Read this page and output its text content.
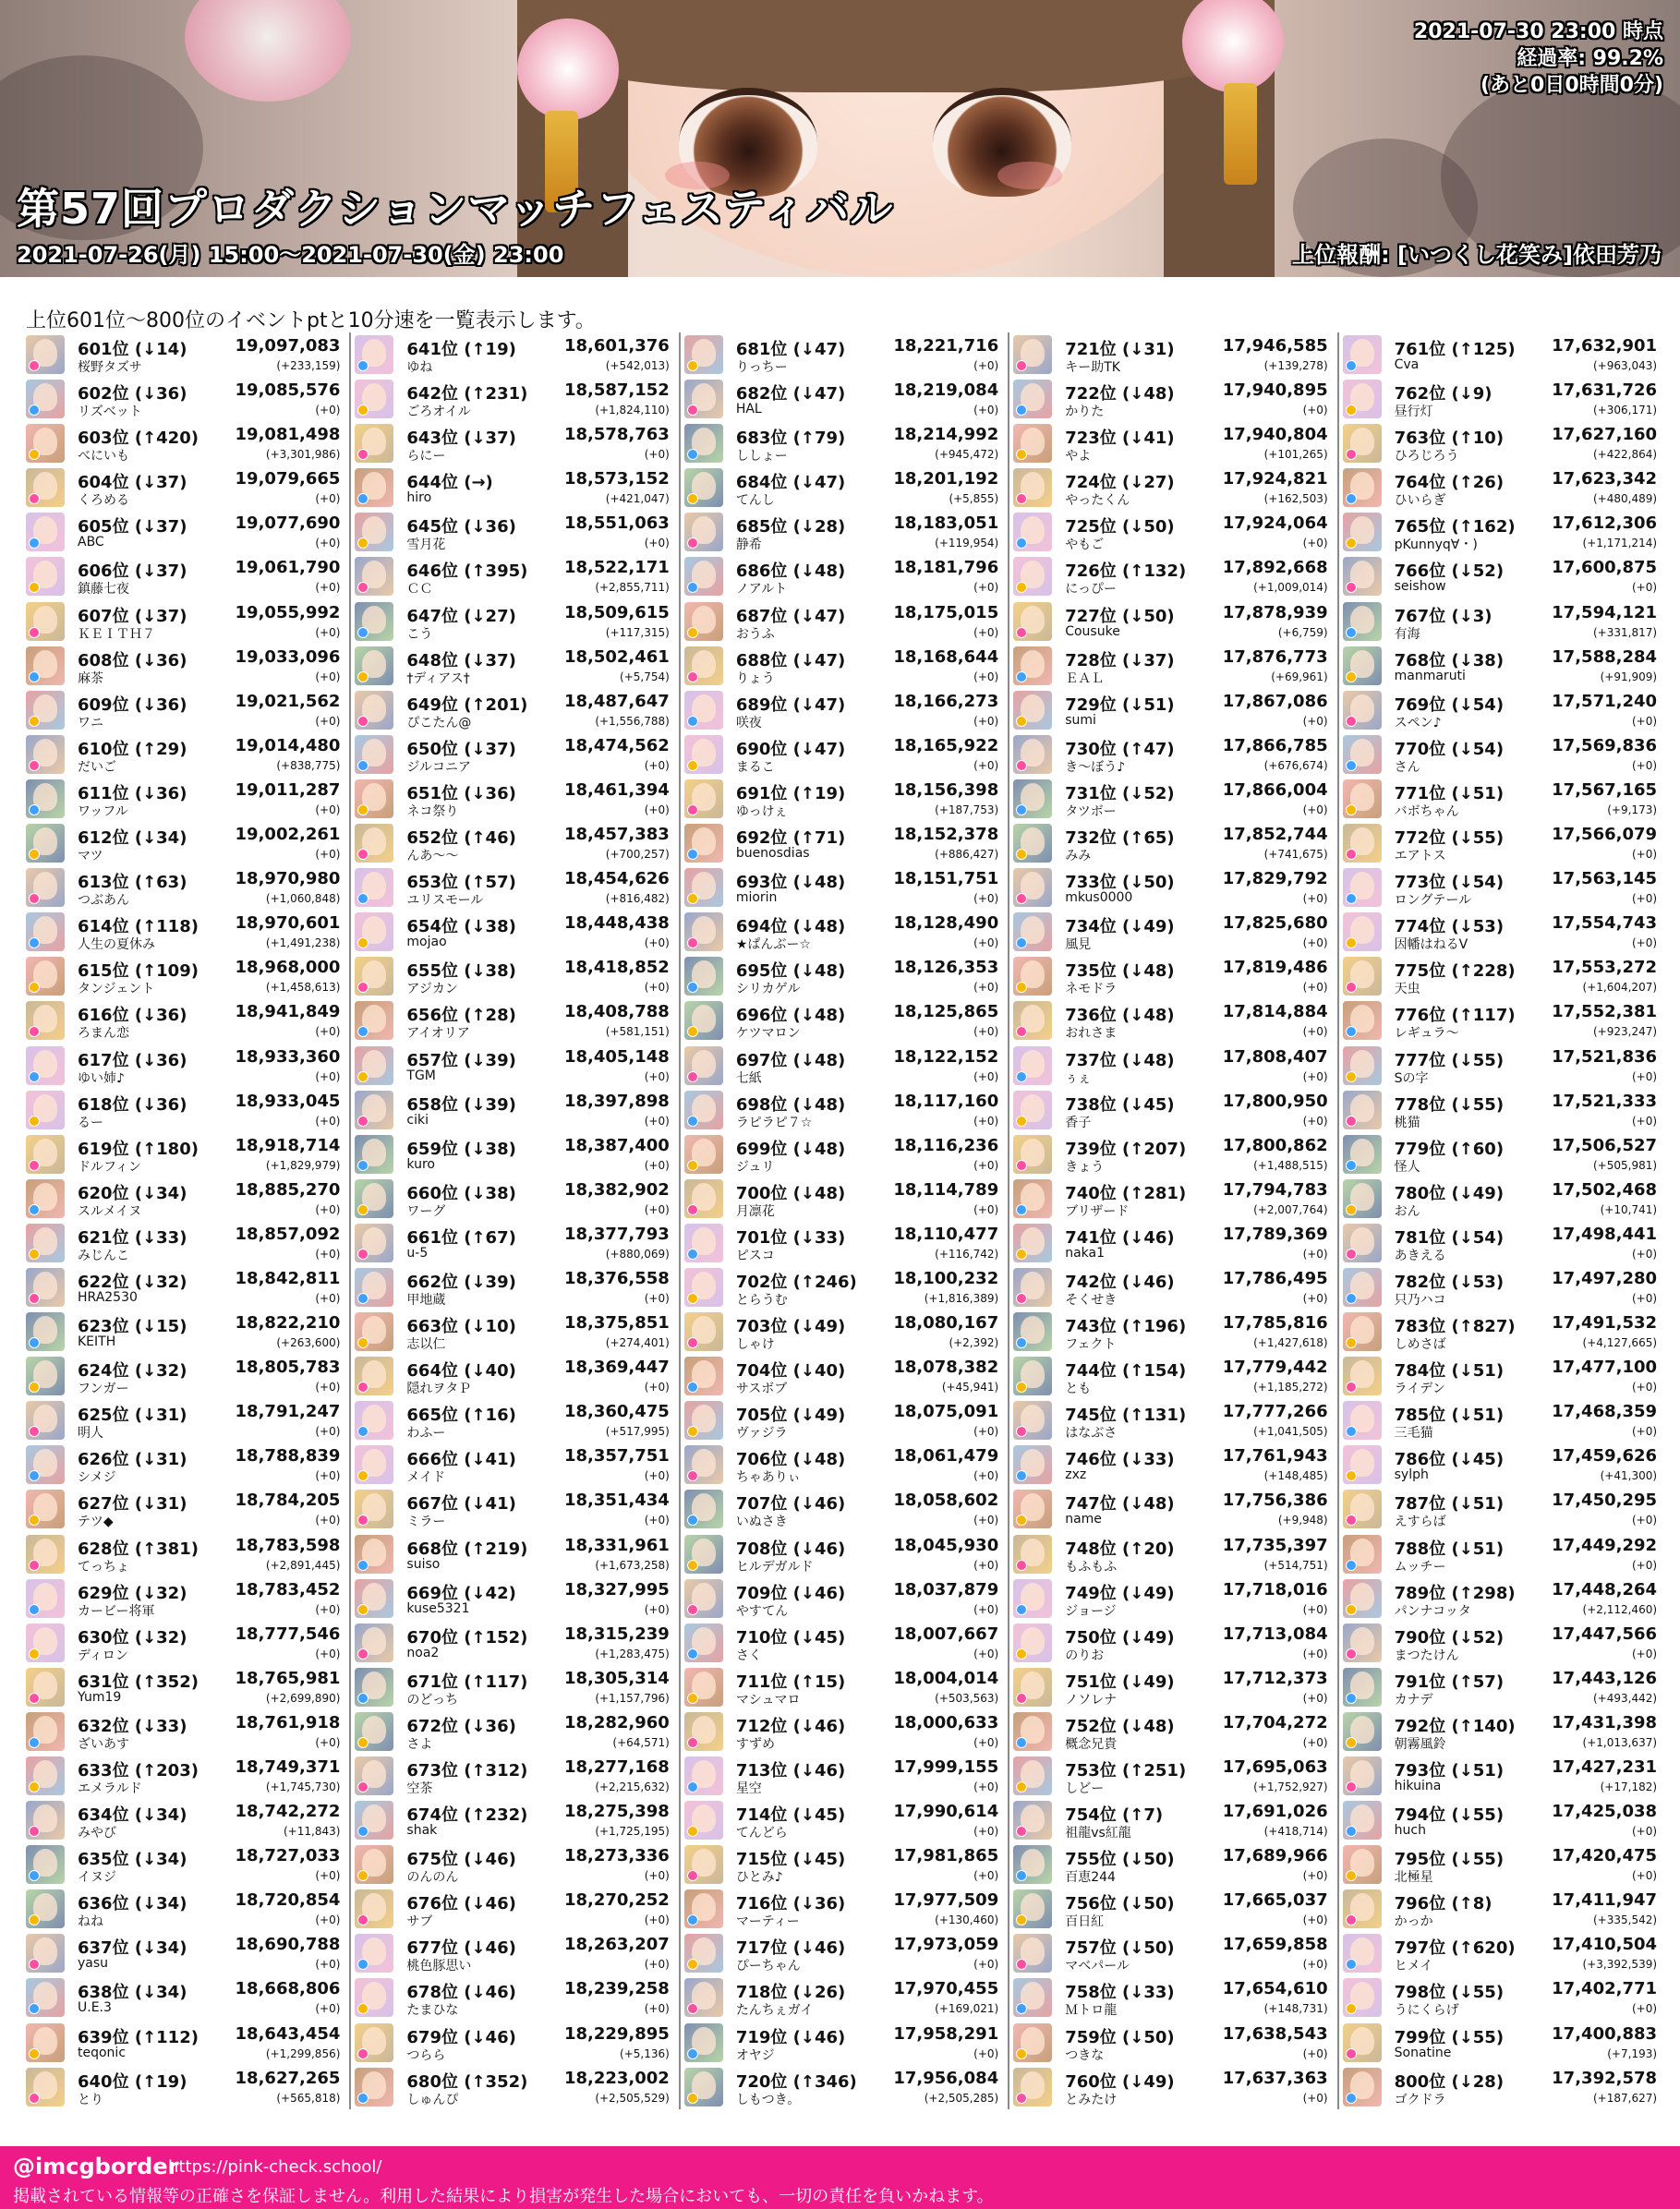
2021-07-30 23:00 時点
経過率: 99.2%
(あと0日0時間0分)
第57回プロダクションマッチフェスティバル
2021-07-26(月) 15:00〜2021-07-30(金) 23:00	上位報酬: [いつくし花笑み]依田芳乃
上位601位〜800位のイベントptと10分速を一覧表示します。
601位 (↓14)	19,097,083
桜野タズサ	(+233,159)
602位 (↓36)	19,085,576
リズベット	(+0)
603位 (↑420) 19,081,498
べにいも	(+3,301,986)
604位 (↓37)	19,079,665
くろめる	(+0)
605位 (↓37)	19,077,690
ABC	(+0)
606位 (↓37)	19,061,790
鎮藤七夜	(+0)
607位 (↓37)	19,055,992
ＫＥＩＴＨ７	(+0)
608位 (↓36)	19,033,096
麻茶	(+0)
609位 (↓36)	19,021,562
ワニ	(+0)
610位 (↑29)	19,014,480
だいご	(+838,775)
611位 (↓36)	19,011,287
ワッフル	(+0)
612位 (↓34)	19,002,261
マツ	(+0)
613位 (↑63)	18,970,980
つぶあん	(+1,060,848)
614位 (↑118) 18,970,601
人生の夏休み	(+1,491,238)
615位 (↑109) 18,968,000
タンジェント	(+1,458,613)
616位 (↓36)	18,941,849
ろまん恋	(+0)
617位 (↓36)	18,933,360
ゆい姉♪	(+0)
618位 (↓36)	18,933,045
るー	(+0)
619位 (↑180) 18,918,714
ドルフィン	(+1,829,979)
620位 (↓34)	18,885,270
スルメイヌ	(+0)
621位 (↓33)	18,857,092
みじんこ	(+0)
622位 (↓32)	18,842,811
HRA2530	(+0)
623位 (↓15)	18,822,210
KEITH	(+263,600)
624位 (↓32)	18,805,783
フンガー	(+0)
625位 (↓31)	18,791,247
明人	(+0)
626位 (↓31)	18,788,839
シメジ	(+0)
627位 (↓31)	18,784,205
テツ◆	(+0)
628位 (↑381) 18,783,598
てっちょ	(+2,891,445)
629位 (↓32)	18,783,452
カービー将軍	(+0)
630位 (↓32)	18,777,546
ディロン	(+0)
631位 (↑352) 18,765,981
Yum19	(+2,699,890)
632位 (↓33)	18,761,918
ざいあす	(+0)
633位 (↑203) 18,749,371
エメラルド	(+1,745,730)
634位 (↓34)	18,742,272
みやび	(+11,843)
635位 (↓34)	18,727,033
イヌジ	(+0)
636位 (↓34)	18,720,854
ねね	(+0)
637位 (↓34)	18,690,788
yasu	(+0)
638位 (↓34)	18,668,806
U.E.3	(+0)
639位 (↑112) 18,643,454
teqonic	(+1,299,856)
640位 (↑19)	18,627,265
とり	(+565,818)
641位 (↑19)	18,601,376
ゆね	(+542,013)
642位 (↑231) 18,587,152
ごろオイル	(+1,824,110)
643位 (↓37)	18,578,763
らにー	(+0)
644位 (→)	18,573,152
hiro	(+421,047)
645位 (↓36)	18,551,063
雪月花	(+0)
646位 (↑395) 18,522,171
ＣＣ	(+2,855,711)
647位 (↓27)	18,509,615
こう	(+117,315)
648位 (↓37)	18,502,461
†ディアス†	(+5,754)
649位 (↑201) 18,487,647
ぴこたん@	(+1,556,788)
650位 (↓37)	18,474,562
ジルコニア	(+0)
651位 (↓36)	18,461,394
ネコ祭り	(+0)
652位 (↑46)	18,457,383
んあ〜〜	(+700,257)
653位 (↑57)	18,454,626
ユリスモール	(+816,482)
654位 (↓38)	18,448,438
mojao	(+0)
655位 (↓38)	18,418,852
アジカン	(+0)
656位 (↑28)	18,408,788
アイオリア	(+581,151)
657位 (↓39)	18,405,148
TGM	(+0)
658位 (↓39)	18,397,898
ciki	(+0)
659位 (↓38)	18,387,400
kuro	(+0)
660位 (↓38)	18,382,902
ワーグ	(+0)
661位 (↑67)	18,377,793
u-5	(+880,069)
662位 (↓39)	18,376,558
甲地蔵	(+0)
663位 (↓10)	18,375,851
志以仁	(+274,401)
664位 (↓40)	18,369,447
隠れヲタＰ	(+0)
665位 (↑16)	18,360,475
わふー	(+517,995)
666位 (↓41)	18,357,751
メイド	(+0)
667位 (↓41)	18,351,434
ミラー	(+0)
668位 (↑219) 18,331,961
suiso	(+1,673,258)
669位 (↓42)	18,327,995
kuse5321	(+0)
670位 (↑152) 18,315,239
noa2	(+1,283,475)
671位 (↑117) 18,305,314
のどっち	(+1,157,796)
672位 (↓36)	18,282,960
さよ	(+64,571)
673位 (↑312) 18,277,168
空茶	(+2,215,632)
674位 (↑232) 18,275,398
shak	(+1,725,195)
675位 (↓46)	18,273,336
のんのん	(+0)
676位 (↓46)	18,270,252
サブ	(+0)
677位 (↓46)	18,263,207
桃色豚思い	(+0)
678位 (↓46)	18,239,258
たまひな	(+0)
679位 (↓46)	18,229,895
つらら	(+5,136)
680位 (↑352) 18,223,002
しゅんぴ	(+2,505,529)
681位 (↓47)	18,221,716
りっちー	(+0)
682位 (↓47)	18,219,084
HAL	(+0)
683位 (↑79)	18,214,992
ししょー	(+945,472)
684位 (↓47)	18,201,192
てんし	(+5,855)
685位 (↓28)	18,183,051
静希	(+119,954)
686位 (↓48)	18,181,796
ノアルト	(+0)
687位 (↓47)	18,175,015
おうふ	(+0)
688位 (↓47)	18,168,644
りょう	(+0)
689位 (↓47)	18,166,273
咲夜	(+0)
690位 (↓47)	18,165,922
まるこ	(+0)
691位 (↑19)	18,156,398
ゆっけぇ	(+187,753)
692位 (↑71)	18,152,378
buenosdias	(+886,427)
693位 (↓48)	18,151,751
miorin	(+0)
694位 (↓48)	18,128,490
★ぱんぶー☆	(+0)
695位 (↓48)	18,126,353
シリカゲル	(+0)
696位 (↓48)	18,125,865
ケツマロン	(+0)
697位 (↓48)	18,122,152
七紙	(+0)
698位 (↓48)	18,117,160
ラピラピ７☆	(+0)
699位 (↓48)	18,116,236
ジュリ	(+0)
700位 (↓48)	18,114,789
月凛花	(+0)
701位 (↓33)	18,110,477
ピスコ	(+116,742)
702位 (↑246) 18,100,232
とらうむ	(+1,816,389)
703位 (↓49)	18,080,167
しゃけ	(+2,392)
704位 (↓40)	18,078,382
サスボブ	(+45,941)
705位 (↓49)	18,075,091
ヴァジラ	(+0)
706位 (↓48)	18,061,479
ちゃありぃ	(+0)
707位 (↓46)	18,058,602
いぬさき	(+0)
708位 (↓46)	18,045,930
ヒルデガルド	(+0)
709位 (↓46)	18,037,879
やすてん	(+0)
710位 (↓45)	18,007,667
さく	(+0)
711位 (↑15)	18,004,014
マシュマロ	(+503,563)
712位 (↓46)	18,000,633
すずめ	(+0)
713位 (↓46)	17,999,155
星空	(+0)
714位 (↓45)	17,990,614
てんどら	(+0)
715位 (↓45)	17,981,865
ひとみ♪	(+0)
716位 (↓36)	17,977,509
マーティー	(+130,460)
717位 (↓46)	17,973,059
ぴーちゃん	(+0)
718位 (↓26)	17,970,455
たんちぇガイ	(+169,021)
719位 (↓46)	17,958,291
オヤジ	(+0)
720位 (↑346) 17,956,084
しもつき。	(+2,505,285)
721位 (↓31)	17,946,585
キー助TK	(+139,278)
722位 (↓48)	17,940,895
かりた	(+0)
723位 (↓41)	17,940,804
やよ	(+101,265)
724位 (↓27)	17,924,821
やったくん	(+162,503)
725位 (↓50)	17,924,064
やもご	(+0)
726位 (↑132) 17,892,668
にっぴー	(+1,009,014)
727位 (↓50)	17,878,939
Cousuke	(+6,759)
728位 (↓37)	17,876,773
ＥＡＬ	(+69,961)
729位 (↓51)	17,867,086
sumi	(+0)
730位 (↑47)	17,866,785
き〜ぼう♪	(+676,674)
731位 (↓52)	17,866,004
タツボー	(+0)
732位 (↑65)	17,852,744
みみ	(+741,675)
733位 (↓50)	17,829,792
mkus0000	(+0)
734位 (↓49)	17,825,680
風見	(+0)
735位 (↓48)	17,819,486
ネモドラ	(+0)
736位 (↓48)	17,814,884
おれさま	(+0)
737位 (↓48)	17,808,407
ぅぇ	(+0)
738位 (↓45)	17,800,950
香子	(+0)
739位 (↑207) 17,800,862
きょう	(+1,488,515)
740位 (↑281) 17,794,783
ブリザード	(+2,007,764)
741位 (↓46)	17,789,369
naka1	(+0)
742位 (↓46)	17,786,495
そくせき	(+0)
743位 (↑196) 17,785,816
フェクト	(+1,427,618)
744位 (↑154) 17,779,442
とも	(+1,185,272)
745位 (↑131) 17,777,266
はなぶさ	(+1,041,505)
746位 (↓33)	17,761,943
zxz	(+148,485)
747位 (↓48)	17,756,386
name	(+9,948)
748位 (↑20)	17,735,397
もふもふ	(+514,751)
749位 (↓49)	17,718,016
ジョージ	(+0)
750位 (↓49)	17,713,084
のりお	(+0)
751位 (↓49)	17,712,373
ノソレナ	(+0)
752位 (↓48)	17,704,272
概念兄貴	(+0)
753位 (↑251) 17,695,063
しどー	(+1,752,927)
754位 (↑7)	17,691,026
祖龍vs紅龍	(+418,714)
755位 (↓50)	17,689,966
百恵244	(+0)
756位 (↓50)	17,665,037
百日紅	(+0)
757位 (↓50)	17,659,858
マベパール	(+0)
758位 (↓33)	17,654,610
Ｍトロ龍	(+148,731)
759位 (↓50)	17,638,543
つきな	(+0)
760位 (↓49)	17,637,363
とみたけ	(+0)
761位 (↑125) 17,632,901
Cva	(+963,043)
762位 (↓9)	17,631,726
昼行灯	(+306,171)
763位 (↑10)	17,627,160
ひろじろう	(+422,864)
764位 (↑26)	17,623,342
ひいらぎ	(+480,489)
765位 (↑162) 17,612,306
pKunnyq∀・)	(+1,171,214)
766位 (↓52)	17,600,875
seishow	(+0)
767位 (↓3)	17,594,121
有海	(+331,817)
768位 (↓38)	17,588,284
manmaruti	(+91,909)
769位 (↓54)	17,571,240
スペン♪	(+0)
770位 (↓54)	17,569,836
さん	(+0)
771位 (↓51)	17,567,165
バボちゃん	(+9,173)
772位 (↓55)	17,566,079
エアトス	(+0)
773位 (↓54)	17,563,145
ロングテール	(+0)
774位 (↓53)	17,554,743
因幡はねるV	(+0)
775位 (↑228) 17,553,272
天虫	(+1,604,207)
776位 (↑117) 17,552,381
レギュラ〜	(+923,247)
777位 (↓55)	17,521,836
Sの字	(+0)
778位 (↓55)	17,521,333
桃猫	(+0)
779位 (↑60)	17,506,527
怪人	(+505,981)
780位 (↓49)	17,502,468
おん	(+10,741)
781位 (↓54)	17,498,441
あきえる	(+0)
782位 (↓53)	17,497,280
只乃ハコ	(+0)
783位 (↑827) 17,491,532
しめさば	(+4,127,665)
784位 (↓51)	17,477,100
ライデン	(+0)
785位 (↓51)	17,468,359
三毛猫	(+0)
786位 (↓45)	17,459,626
sylph	(+41,300)
787位 (↓51)	17,450,295
えすらば	(+0)
788位 (↓51)	17,449,292
ムッチー	(+0)
789位 (↑298) 17,448,264
パンナコッタ	(+2,112,460)
790位 (↓52)	17,447,566
まつたけん	(+0)
791位 (↑57)	17,443,126
カナデ	(+493,442)
792位 (↑140) 17,431,398
朝霧風鈴	(+1,013,637)
793位 (↓51)	17,427,231
hikuina	(+17,182)
794位 (↓55)	17,425,038
huch	(+0)
795位 (↓55)	17,420,475
北極星	(+0)
796位 (↑8)	17,411,947
かっか	(+335,542)
797位 (↑620) 17,410,504
ヒメイ	(+3,392,539)
798位 (↓55)	17,402,771
うにくらげ	(+0)
799位 (↓55)	17,400,883
Sonatine	(+7,193)
800位 (↓28)	17,392,578
ゴクドラ	(+187,627)
@imcgborder
https://pink-check.school/
掲載されている情報等の正確さを保証しません。利用した結果により損害が発生した場合においても、一切の責任を負いかねます。
